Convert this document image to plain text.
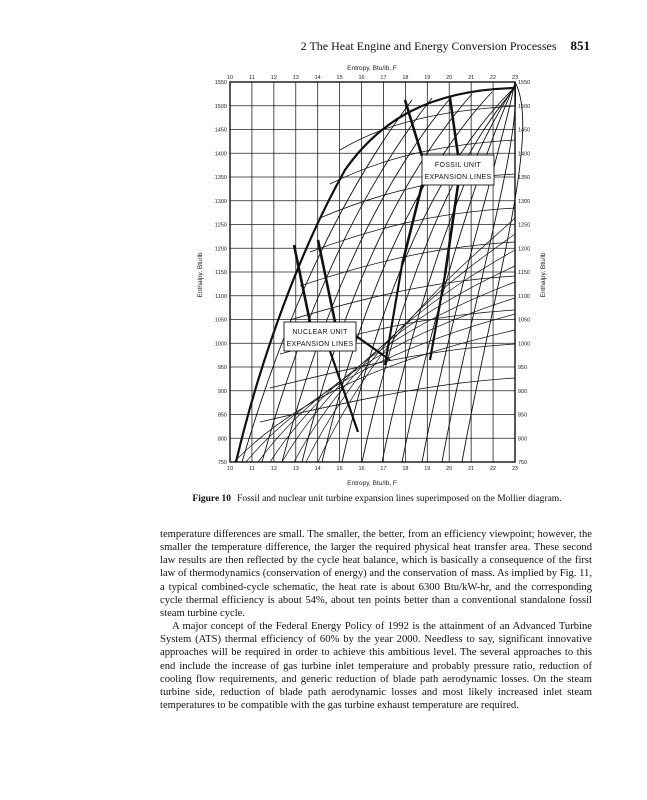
2 The Heat Engine and Energy Conversion Processes 851
10	11	12	13	14	15	16	17	18	19	20	21	22	23
10	11	12	13	14	15	16	17	18	19	20	21	22	23
1550
1500
1450
1400
1350
1300
1250
1200
1150
1100
1050
1000
950
900
850
800
750
1550
1500
1450
1400
1350
1300
1250
1200
1150
1100
1050
1000
950
900
850
800
750
Entropy, Btu/lb, F
Entropy, Btu/lb, F
Enthalpy, Btu/lb	Enthalpy, Btu/lb
FOSSIL UNIT
EXPANSION LINES
NUCLEAR UNIT
EXPANSION LINES
Figure 10 Fossil and nuclear unit turbine expansion lines superimposed on the Mollier diagram.

temperature differences are small. The smaller, the better, from an efficiency viewpoint; however, the smaller the temperature difference, the larger the required physical heat transfer area. These second law results are then reflected by the cycle heat balance, which is basically a consequence of the first law of thermodynamics (conservation of energy) and the conservation of mass. As implied by Fig. 11, a typical combined-cycle schematic, the heat rate is about 6300 Btu/kW-hr, and the corresponding cycle thermal efficiency is about 54%, about ten points better than a conventional standalone fossil steam turbine cycle.

A major concept of the Federal Energy Policy of 1992 is the attainment of an Advanced Turbine System (ATS) thermal efficiency of 60% by the year 2000. Needless to say, significant innovative approaches will be required in order to achieve this ambitious level. The several approaches to this end include the increase of gas turbine inlet temperature and probably pressure ratio, reduction of cooling flow requirements, and generic reduction of blade path aerodynamic losses. On the steam turbine side, reduction of blade path aerodynamic losses and most likely increased inlet steam temperatures to be compatible with the gas turbine exhaust temperature are required.
